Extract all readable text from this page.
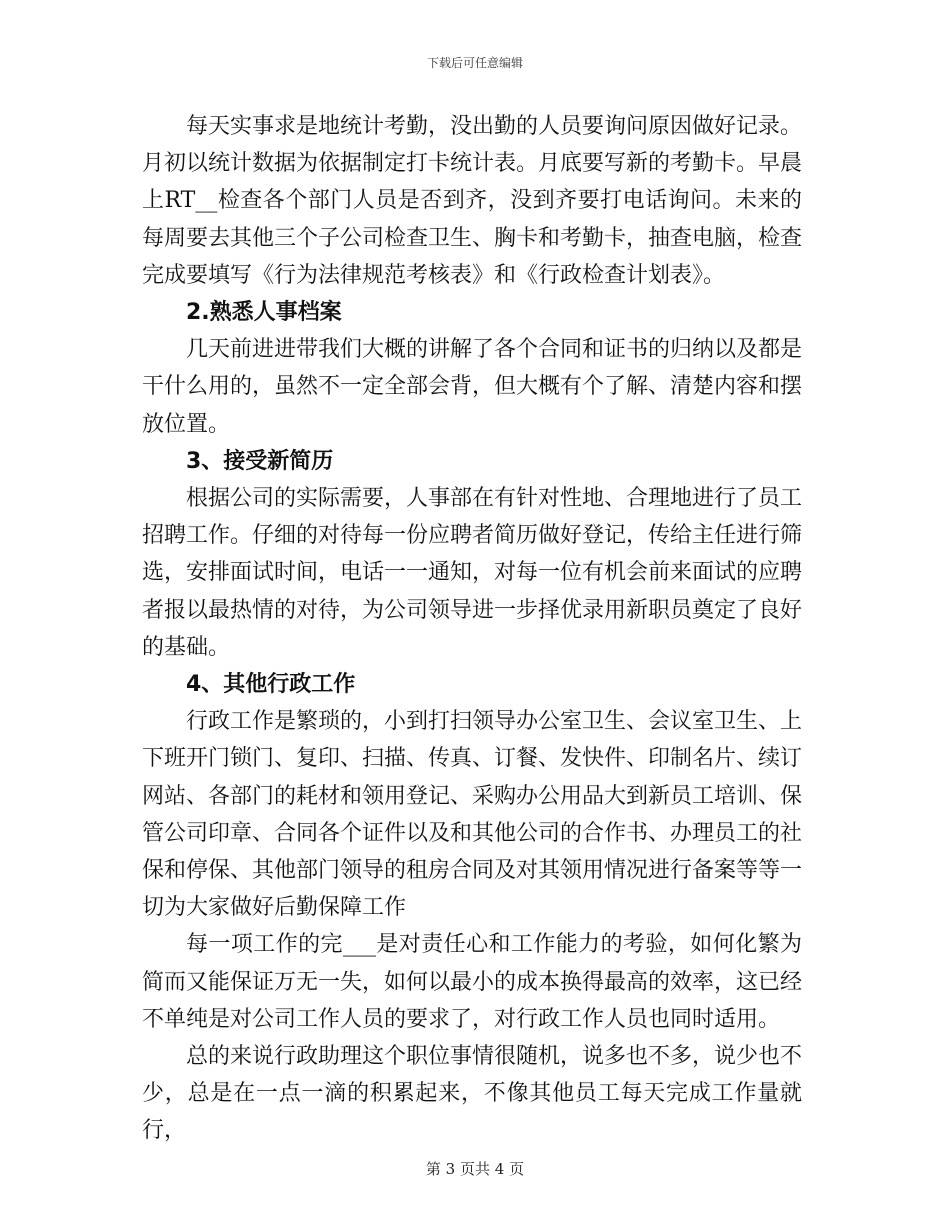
下载后可任意编辑

每天实事求是地统计考勤，没出勤的人员要询问原因做好记录。月初以统计数据为依据制定打卡统计表。月底要写新的考勤卡。早晨上RT__检查各个部门人员是否到齐，没到齐要打电话询问。未来的每周要去其他三个子公司检查卫生、胸卡和考勤卡，抽查电脑，检查完成要填写《行为法律规范考核表》和《行政检查计划表》。

2.熟悉人事档案

几天前进进带我们大概的讲解了各个合同和证书的归纳以及都是干什么用的，虽然不一定全部会背，但大概有个了解、清楚内容和摆放位置。

3、接受新简历

根据公司的实际需要，人事部在有针对性地、合理地进行了员工招聘工作。仔细的对待每一份应聘者简历做好登记，传给主任进行筛选，安排面试时间，电话一一通知，对每一位有机会前来面试的应聘者报以最热情的对待，为公司领导进一步择优录用新职员奠定了良好的基础。

4、其他行政工作

行政工作是繁琐的，小到打扫领导办公室卫生、会议室卫生、上下班开门锁门、复印、扫描、传真、订餐、发快件、印制名片、续订网站、各部门的耗材和领用登记、采购办公用品大到新员工培训、保管公司印章、合同各个证件以及和其他公司的合作书、办理员工的社保和停保、其他部门领导的租房合同及对其领用情况进行备案等等一切为大家做好后勤保障工作

每一项工作的完___是对责任心和工作能力的考验，如何化繁为简而又能保证万无一失，如何以最小的成本换得最高的效率，这已经不单纯是对公司工作人员的要求了，对行政工作人员也同时适用。

总的来说行政助理这个职位事情很随机，说多也不多，说少也不少，总是在一点一滴的积累起来，不像其他员工每天完成工作量就行，

第 3 页共 4 页
